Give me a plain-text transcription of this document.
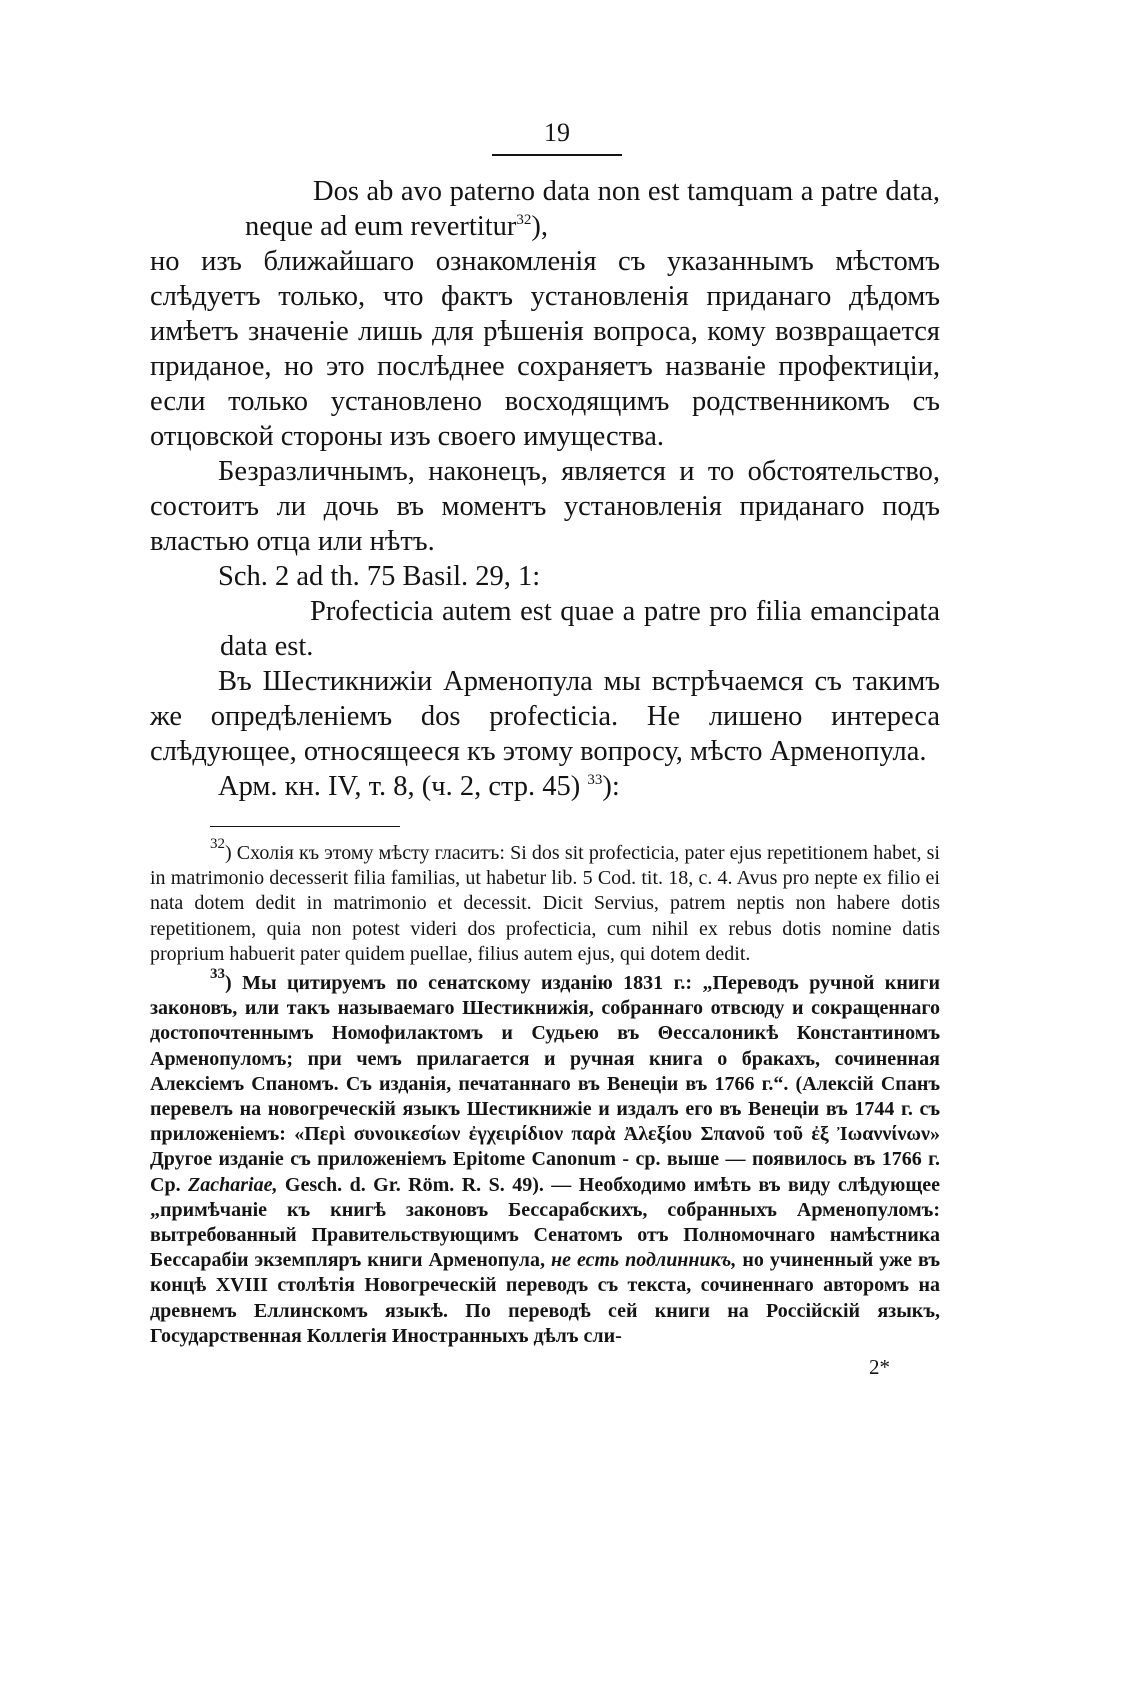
19

Dos ab avo paterno data non est tamquam a patre data, neque ad eum revertitur$^{32}$),

но изъ ближайшаго ознакомленія съ указаннымъ мѣстомъ слѣдуетъ только, что фактъ установленія приданаго дѣдомъ имѣетъ значеніе лишь для рѣшенія вопроса, кому возвращается приданое, но это послѣднее сохраняетъ названіе профектиціи, если только установлено восходящимъ родственникомъ съ отцовской стороны изъ своего имущества.

Безразличнымъ, наконецъ, является и то обстоятельство, состоитъ ли дочь въ моментъ установленія приданаго подъ властью отца или нѣтъ.

Sch. 2 ad th. 75 Basil. 29, 1:

Profecticia autem est quae a patre pro filia emancipata data est.

Въ Шестикнижіи Арменопула мы встрѣчаемся съ такимъ же опредѣленіемъ dos profecticia. Не лишено интереса слѣдующее, относящееся къ этому вопросу, мѣсто Арменопула.

Арм. кн. IV, т. 8, (ч. 2, стр. 45) $^{33}$):

$^{32}$) Схолія къ этому мѣсту гласитъ: Si dos sit profecticia, pater ejus repetitionem habet, si in matrimonio decesserit filia familias, ut habetur lib. 5 Cod. tit. 18, c. 4. Avus pro nepte ex filio ei nata dotem dedit in matrimonio et decessit. Dicit Servius, patrem neptis non habere dotis repetitionem, quia non potest videri dos profecticia, cum nihil ex rebus dotis nomine datis proprium habuerit pater quidem puellae, filius autem ejus, qui dotem dedit.

$^{33}$) Мы цитируемъ по сенатскому изданію 1831 г.: „Переводъ ручной книги законовъ, или такъ называемаго Шестикнижія, собраннаго отвсюду и сокращеннаго достопочтеннымъ Номофилактомъ и Судьею въ Θессалоникѣ Константиномъ Арменопуломъ; при чемъ прилагается и ручная книга о бракахъ, сочиненная Алексіемъ Спаномъ. Съ изданія, печатаннаго въ Венеціи въ 1766 г.“. (Алексій Спанъ перевелъ на новогреческій языкъ Шестикнижіе и издалъ его въ Венеціи въ 1744 г. съ приложеніемъ: «Περὶ συνοικεσίων ἐγχειρίδιον παρὰ Ἀλεξίου Σπανοῦ τοῦ ἐξ Ἰωαννίνων» Другое изданіе съ приложеніемъ Epitome Canonum - ср. выше — появилось въ 1766 г. Ср. Zachariae, Gesch. d. Gr. Röm. R. S. 49). — Необходимо имѣть въ виду слѣдующее „примѣчаніе къ книгѣ законовъ Бессарабскихъ, собранныхъ Арменопуломъ: вытребованный Правительствующимъ Сенатомъ отъ Полномочнаго намѣстника Бессарабіи экземпляръ книги Арменопула, не есть подлинникъ, но учиненный уже въ концѣ XVIII столѣтія Новогреческій переводъ съ текста, сочиненнаго авторомъ на древнемъ Еллинскомъ языкѣ. По переводѣ сей книги на Россійскій языкъ, Государственная Коллегія Иностранныхъ дѣлъ сли-

2*
